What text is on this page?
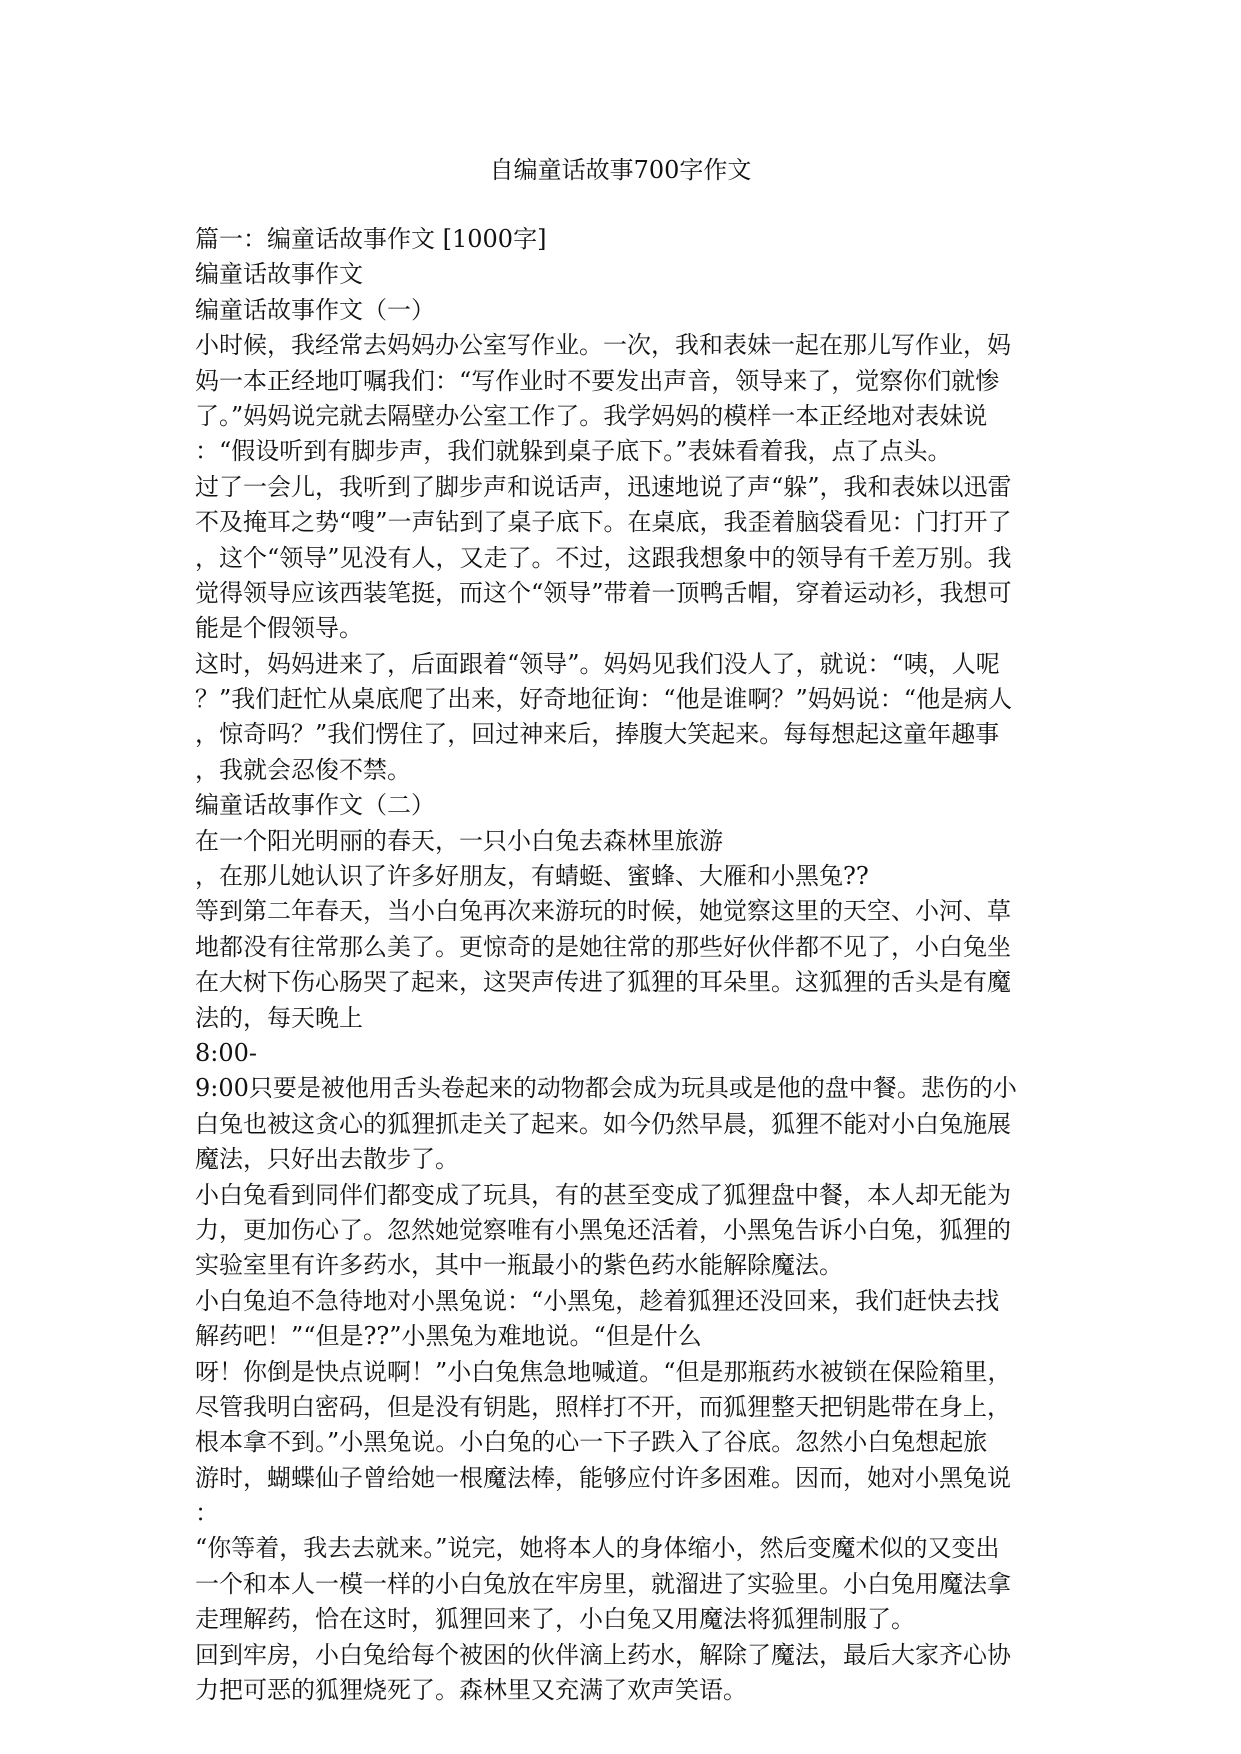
自编童话故事700字作文
篇一：编童话故事作文 [1000字]
编童话故事作文
编童话故事作文（一）
小时候，我经常去妈妈办公室写作业。一次，我和表妹一起在那儿写作业，妈
妈一本正经地叮嘱我们：“写作业时不要发出声音，领导来了，觉察你们就惨
了。”妈妈说完就去隔壁办公室工作了。我学妈妈的模样一本正经地对表妹说
：“假设听到有脚步声，我们就躲到桌子底下。”表妹看着我，点了点头。
过了一会儿，我听到了脚步声和说话声，迅速地说了声“躲”，我和表妹以迅雷
不及掩耳之势“嗖”一声钻到了桌子底下。在桌底，我歪着脑袋看见：门打开了
，这个“领导”见没有人，又走了。不过，这跟我想象中的领导有千差万别。我
觉得领导应该西装笔挺，而这个“领导”带着一顶鸭舌帽，穿着运动衫，我想可
能是个假领导。
这时，妈妈进来了，后面跟着“领导”。妈妈见我们没人了，就说：“咦，人呢
？”我们赶忙从桌底爬了出来，好奇地征询：“他是谁啊？”妈妈说：“他是病人
，惊奇吗？”我们愣住了，回过神来后，捧腹大笑起来。每每想起这童年趣事
，我就会忍俊不禁。
编童话故事作文（二）
在一个阳光明丽的春天，一只小白兔去森林里旅游
，在那儿她认识了许多好朋友，有蜻蜓、蜜蜂、大雁和小黑兔??
等到第二年春天，当小白兔再次来游玩的时候，她觉察这里的天空、小河、草
地都没有往常那么美了。更惊奇的是她往常的那些好伙伴都不见了，小白兔坐
在大树下伤心肠哭了起来，这哭声传进了狐狸的耳朵里。这狐狸的舌头是有魔
法的，每天晚上
8:00-
9:00只要是被他用舌头卷起来的动物都会成为玩具或是他的盘中餐。悲伤的小
白兔也被这贪心的狐狸抓走关了起来。如今仍然早晨，狐狸不能对小白兔施展
魔法，只好出去散步了。
小白兔看到同伴们都变成了玩具，有的甚至变成了狐狸盘中餐，本人却无能为
力，更加伤心了。忽然她觉察唯有小黑兔还活着，小黑兔告诉小白兔，狐狸的
实验室里有许多药水，其中一瓶最小的紫色药水能解除魔法。
小白兔迫不急待地对小黑兔说：“小黑兔，趁着狐狸还没回来，我们赶快去找
解药吧！”“但是??”小黑兔为难地说。“但是什么
呀！你倒是快点说啊！”小白兔焦急地喊道。“但是那瓶药水被锁在保险箱里，
尽管我明白密码，但是没有钥匙，照样打不开，而狐狸整天把钥匙带在身上，
根本拿不到。”小黑兔说。小白兔的心一下子跌入了谷底。忽然小白兔想起旅
游时，蝴蝶仙子曾给她一根魔法棒，能够应付许多困难。因而，她对小黑兔说
：
“你等着，我去去就来。”说完，她将本人的身体缩小，然后变魔术似的又变出
一个和本人一模一样的小白兔放在牢房里，就溜进了实验里。小白兔用魔法拿
走理解药，恰在这时，狐狸回来了，小白兔又用魔法将狐狸制服了。
回到牢房，小白兔给每个被困的伙伴滴上药水，解除了魔法，最后大家齐心协
力把可恶的狐狸烧死了。森林里又充满了欢声笑语。
